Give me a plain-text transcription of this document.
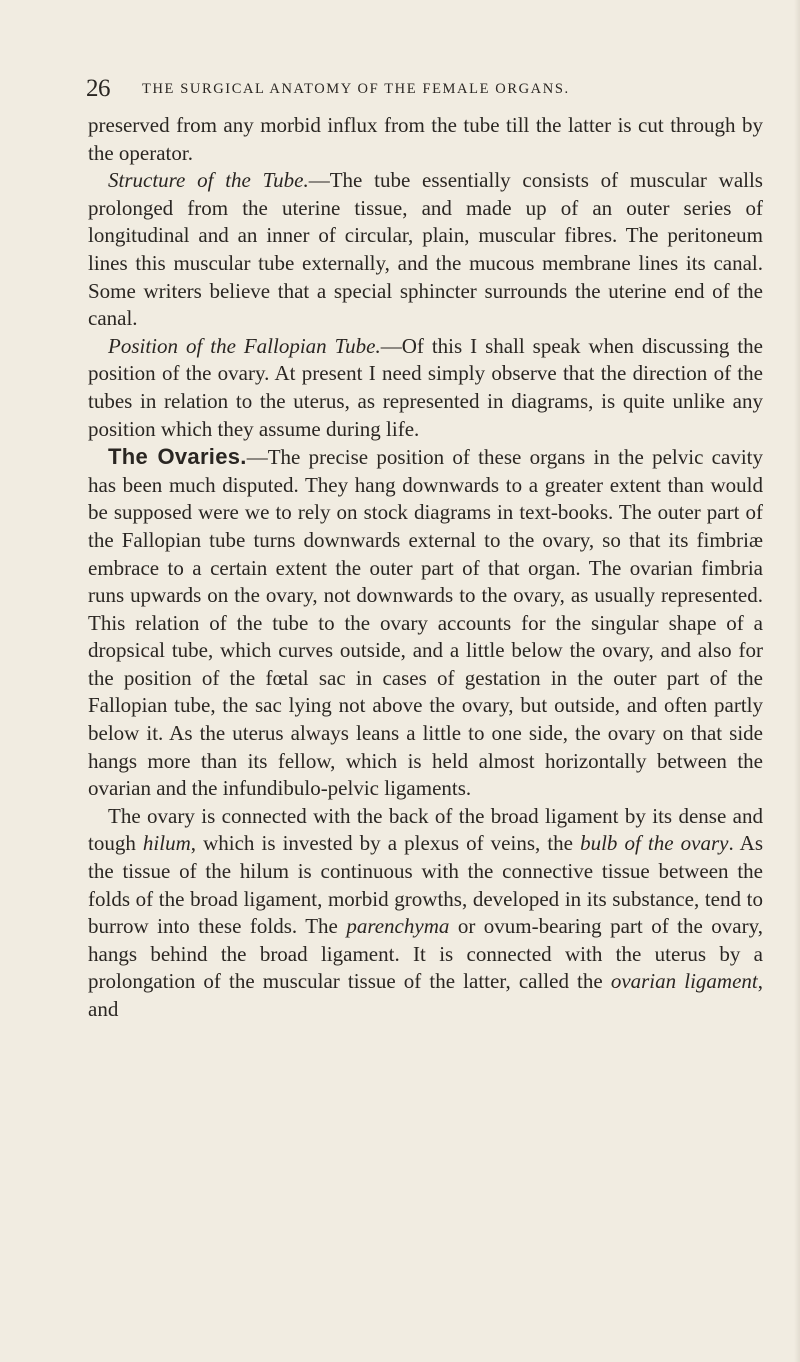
26 THE SURGICAL ANATOMY OF THE FEMALE ORGANS.

preserved from any morbid influx from the tube till the latter is cut through by the operator.

Structure of the Tube.—The tube essentially consists of muscular walls prolonged from the uterine tissue, and made up of an outer series of longitudinal and an inner of circular, plain, muscular fibres. The peritoneum lines this muscular tube externally, and the mucous membrane lines its canal. Some writers believe that a special sphincter surrounds the uterine end of the canal.

Position of the Fallopian Tube.—Of this I shall speak when discussing the position of the ovary. At present I need simply observe that the direction of the tubes in relation to the uterus, as represented in diagrams, is quite unlike any position which they assume during life.

The Ovaries.—The precise position of these organs in the pelvic cavity has been much disputed. They hang downwards to a greater extent than would be supposed were we to rely on stock diagrams in text-books. The outer part of the Fallopian tube turns downwards external to the ovary, so that its fimbriæ embrace to a certain extent the outer part of that organ. The ovarian fimbria runs upwards on the ovary, not downwards to the ovary, as usually represented. This relation of the tube to the ovary accounts for the singular shape of a dropsical tube, which curves outside, and a little below the ovary, and also for the position of the fœtal sac in cases of gestation in the outer part of the Fallopian tube, the sac lying not above the ovary, but outside, and often partly below it. As the uterus always leans a little to one side, the ovary on that side hangs more than its fellow, which is held almost horizontally between the ovarian and the infundibulo-pelvic ligaments.

The ovary is connected with the back of the broad ligament by its dense and tough hilum, which is invested by a plexus of veins, the bulb of the ovary. As the tissue of the hilum is continuous with the connective tissue between the folds of the broad ligament, morbid growths, developed in its substance, tend to burrow into these folds. The parenchyma or ovum-bearing part of the ovary, hangs behind the broad ligament. It is connected with the uterus by a prolongation of the muscular tissue of the latter, called the ovarian ligament, and
